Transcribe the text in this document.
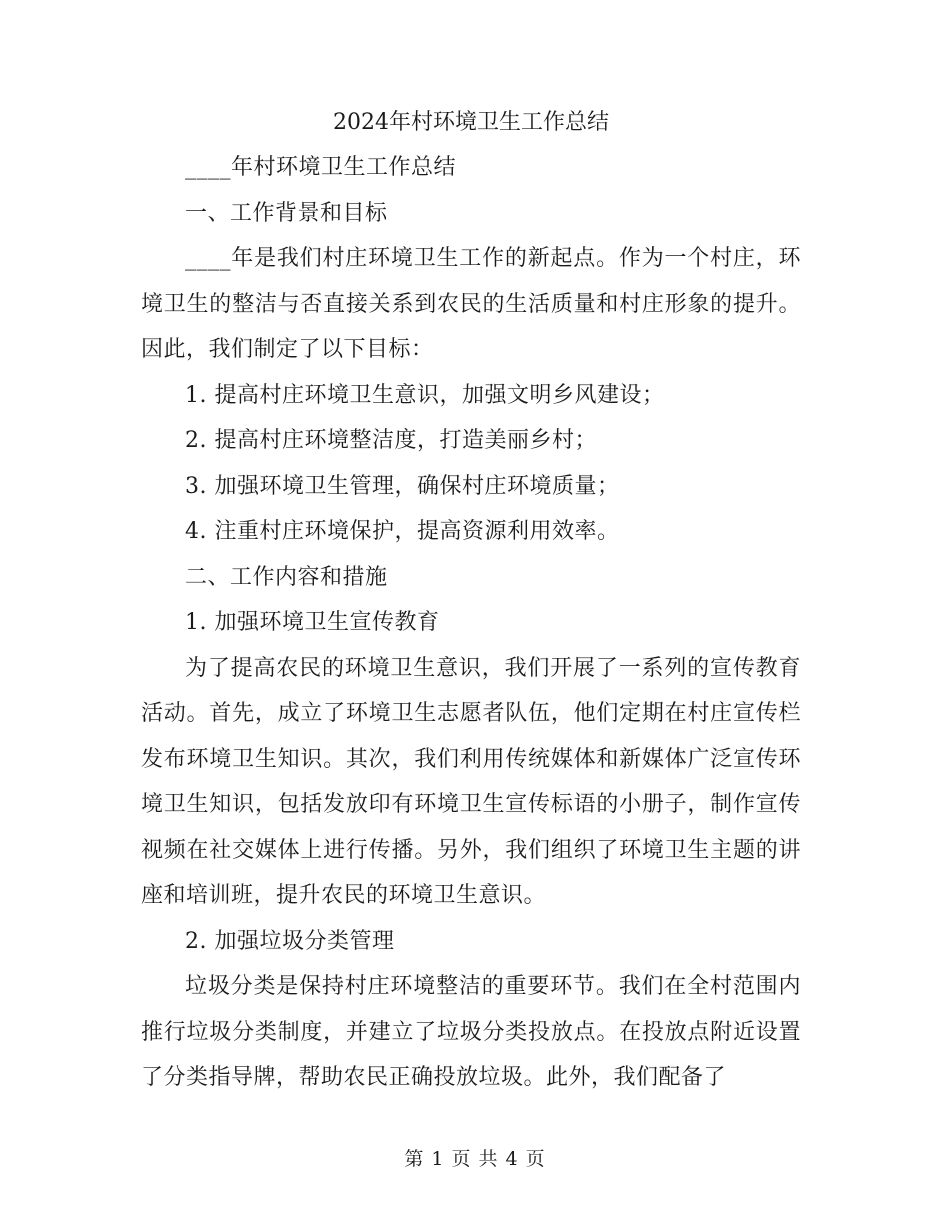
2024年村环境卫生工作总结

____年村环境卫生工作总结

一、工作背景和目标

____年是我们村庄环境卫生工作的新起点。作为一个村庄，环境卫生的整洁与否直接关系到农民的生活质量和村庄形象的提升。因此，我们制定了以下目标：

1. 提高村庄环境卫生意识，加强文明乡风建设；

2. 提高村庄环境整洁度，打造美丽乡村；

3. 加强环境卫生管理，确保村庄环境质量；

4. 注重村庄环境保护，提高资源利用效率。

二、工作内容和措施

1. 加强环境卫生宣传教育

为了提高农民的环境卫生意识，我们开展了一系列的宣传教育活动。首先，成立了环境卫生志愿者队伍，他们定期在村庄宣传栏发布环境卫生知识。其次，我们利用传统媒体和新媒体广泛宣传环境卫生知识，包括发放印有环境卫生宣传标语的小册子，制作宣传视频在社交媒体上进行传播。另外，我们组织了环境卫生主题的讲座和培训班，提升农民的环境卫生意识。

2. 加强垃圾分类管理

垃圾分类是保持村庄环境整洁的重要环节。我们在全村范围内推行垃圾分类制度，并建立了垃圾分类投放点。在投放点附近设置了分类指导牌，帮助农民正确投放垃圾。此外，我们配备了

第 1 页 共 4 页
